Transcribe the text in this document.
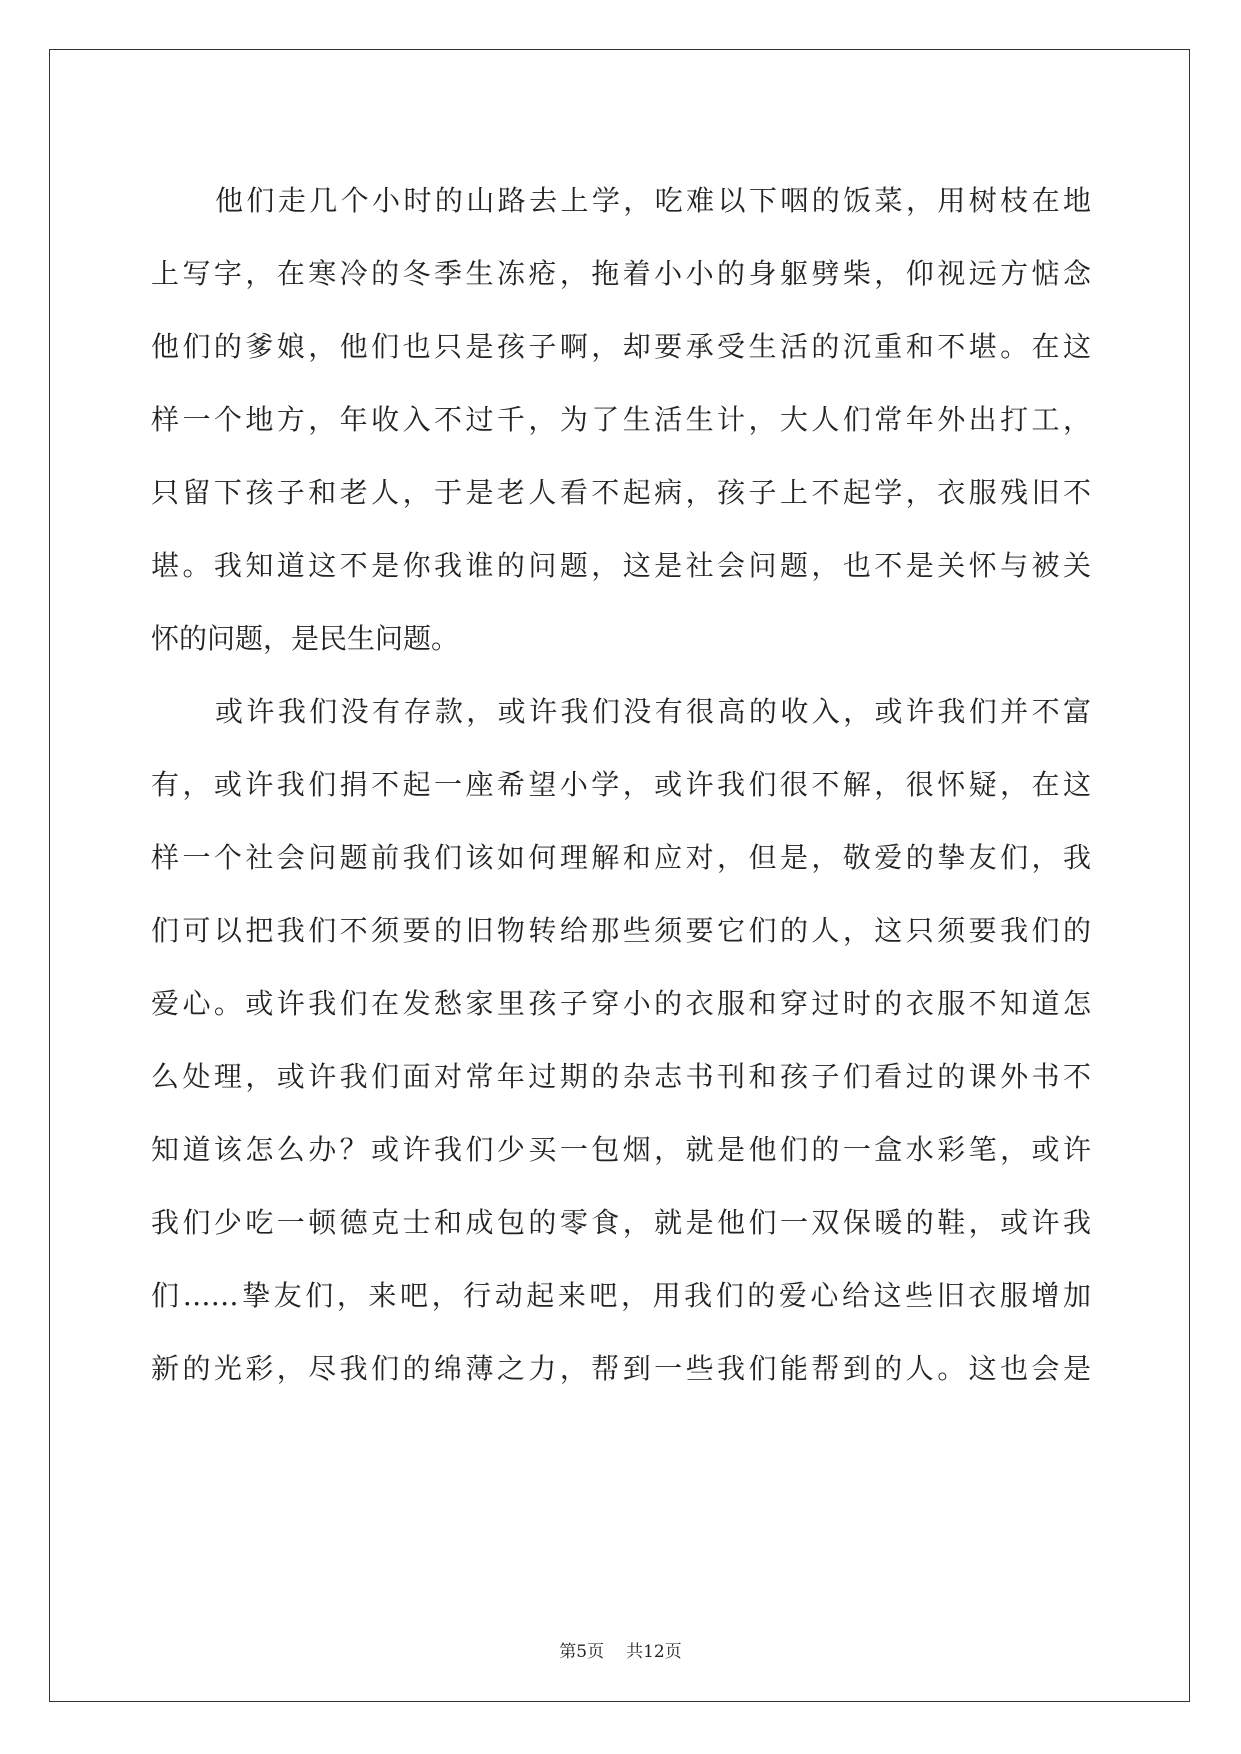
他们走几个小时的山路去上学，吃难以下咽的饭菜，用树枝在地
上写字，在寒冷的冬季生冻疮，拖着小小的身躯劈柴，仰视远方惦念
他们的爹娘，他们也只是孩子啊，却要承受生活的沉重和不堪。在这
样一个地方，年收入不过千，为了生活生计，大人们常年外出打工，
只留下孩子和老人，于是老人看不起病，孩子上不起学，衣服残旧不
堪。我知道这不是你我谁的问题，这是社会问题，也不是关怀与被关
怀的问题，是民生问题。
或许我们没有存款，或许我们没有很高的收入，或许我们并不富
有，或许我们捐不起一座希望小学，或许我们很不解，很怀疑，在这
样一个社会问题前我们该如何理解和应对，但是，敬爱的挚友们，我
们可以把我们不须要的旧物转给那些须要它们的人，这只须要我们的
爱心。或许我们在发愁家里孩子穿小的衣服和穿过时的衣服不知道怎
么处理，或许我们面对常年过期的杂志书刊和孩子们看过的课外书不
知道该怎么办？或许我们少买一包烟，就是他们的一盒水彩笔，或许
我们少吃一顿德克士和成包的零食，就是他们一双保暖的鞋，或许我
们……挚友们，来吧，行动起来吧，用我们的爱心给这些旧衣服增加
新的光彩，尽我们的绵薄之力，帮到一些我们能帮到的人。这也会是
第5页 共12页
